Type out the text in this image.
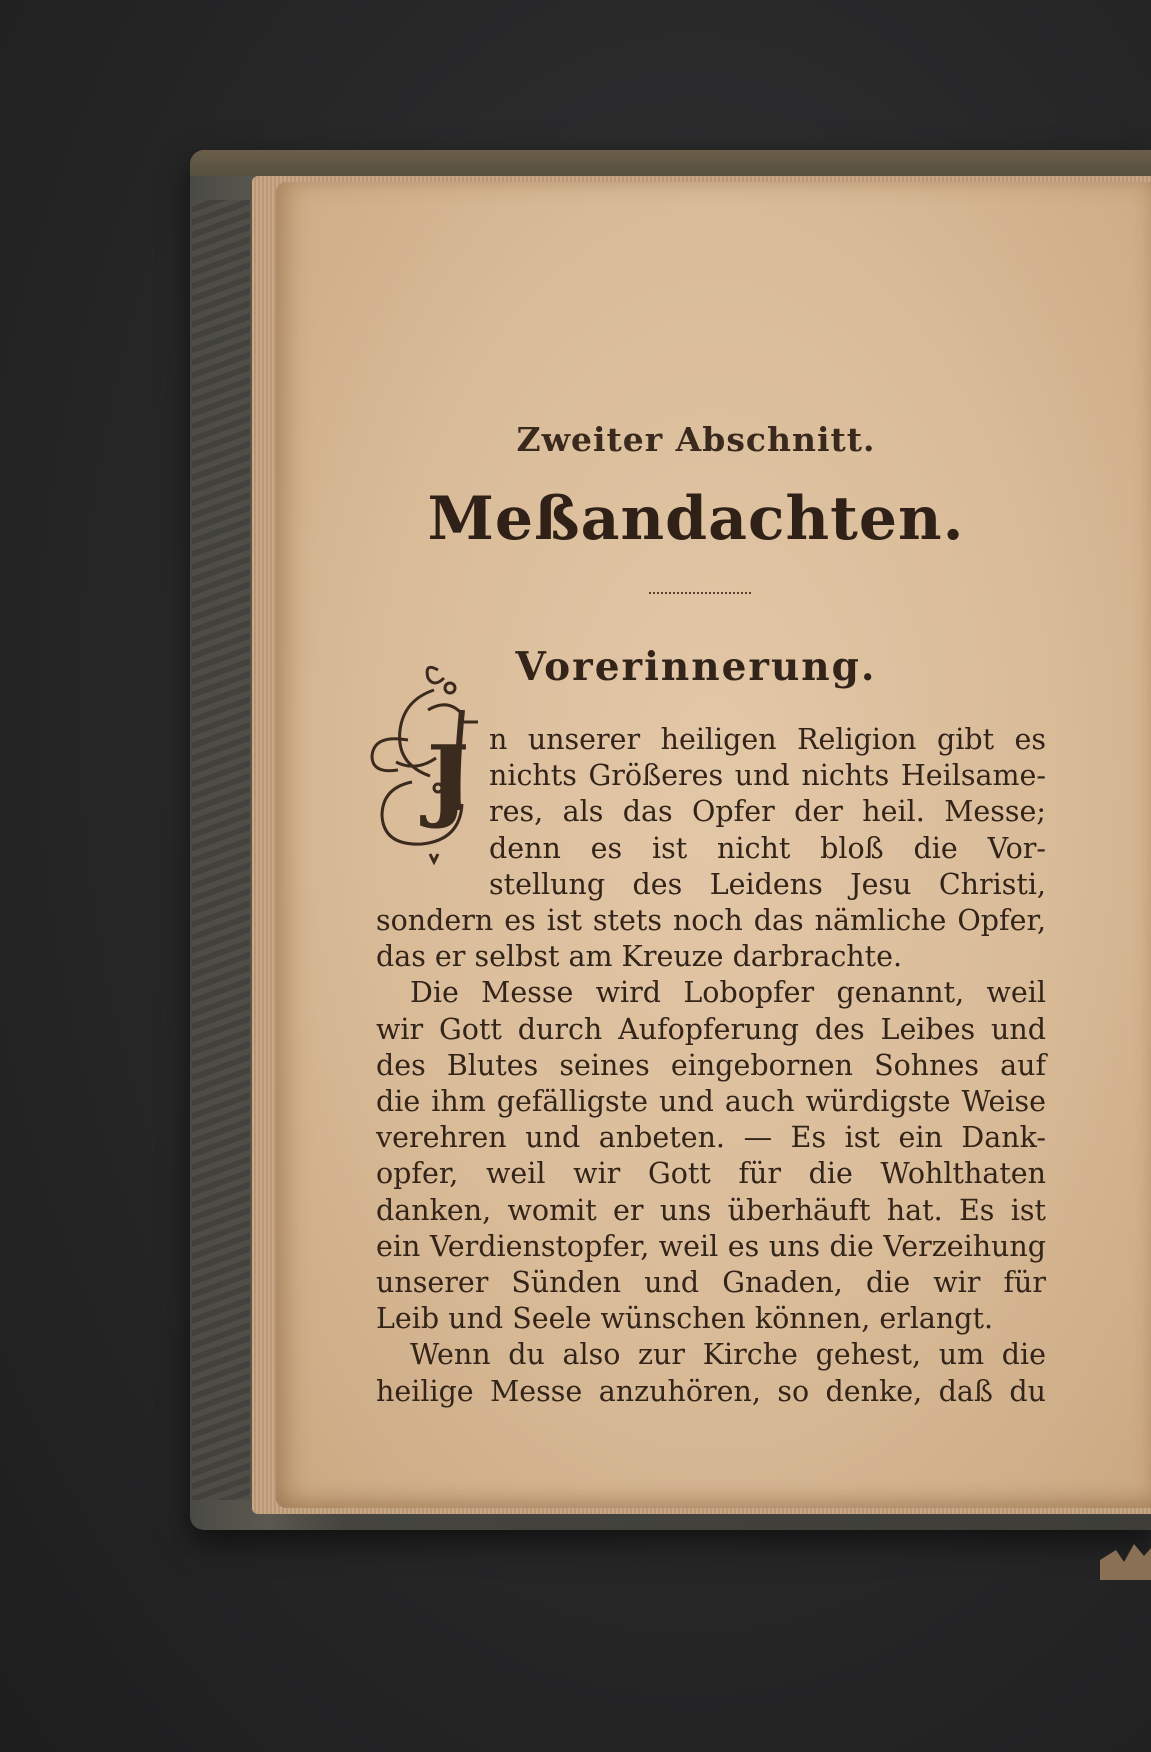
Zweiter Abschnitt.
Meßandachten.
Vorerinnerung.
J n unserer heiligen Religion gibt es
nichts Größeres und nichts Heilsame-
res, als das Opfer der heil. Messe;
denn es ist nicht bloß die Vor-
stellung des Leidens Jesu Christi,
sondern es ist stets noch das nämliche Opfer,
das er selbst am Kreuze darbrachte.
Die Messe wird Lobopfer genannt, weil
wir Gott durch Aufopferung des Leibes und
des Blutes seines eingebornen Sohnes auf
die ihm gefälligste und auch würdigste Weise
verehren und anbeten. — Es ist ein Dank-
opfer, weil wir Gott für die Wohlthaten
danken, womit er uns überhäuft hat. Es ist
ein Verdienstopfer, weil es uns die Verzeihung
unserer Sünden und Gnaden, die wir für
Leib und Seele wünschen können, erlangt.
Wenn du also zur Kirche gehest, um die
heilige Messe anzuhören, so denke, daß du
